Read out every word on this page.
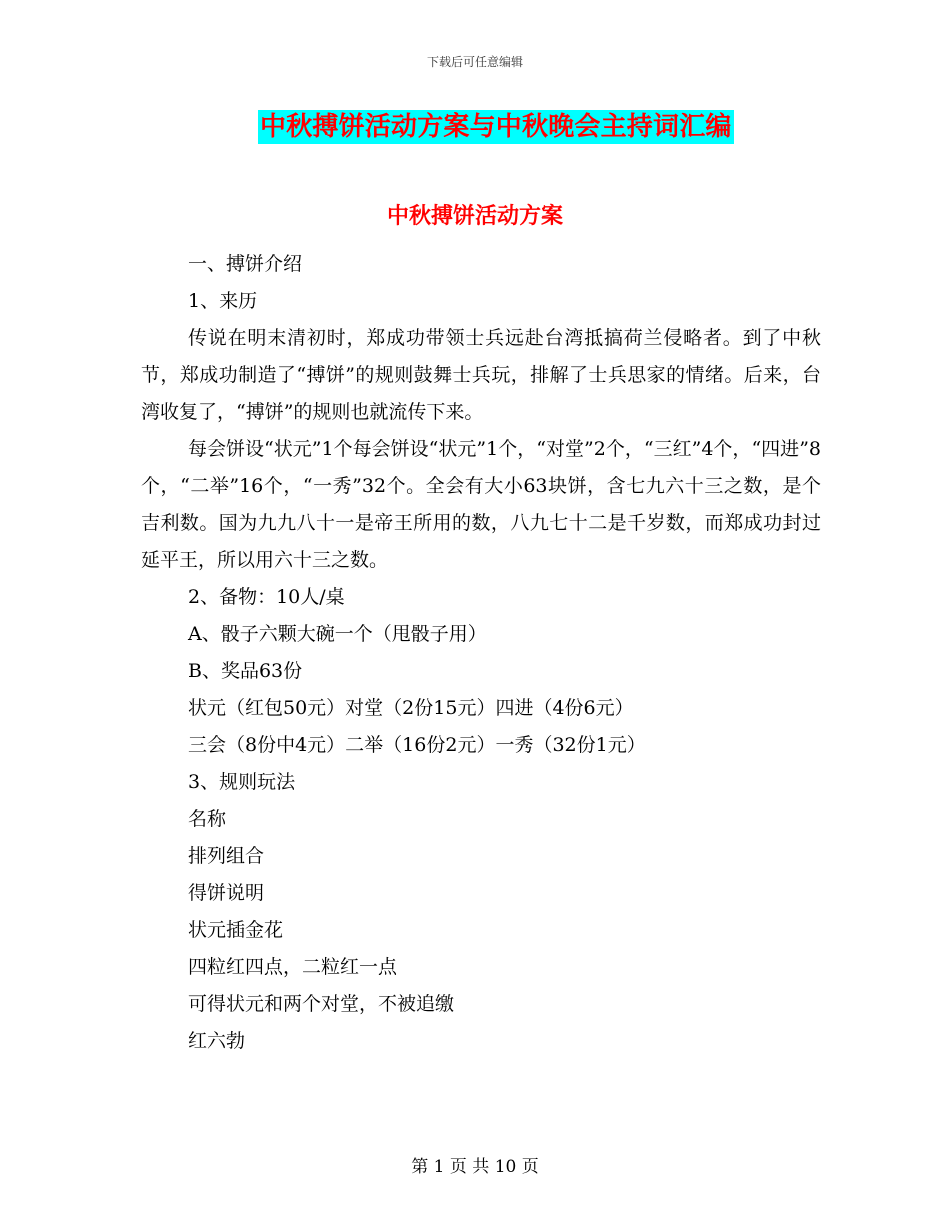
下载后可任意编辑
中秋搏饼活动方案与中秋晚会主持词汇编
中秋搏饼活动方案

一、搏饼介绍

1、来历

传说在明末清初时，郑成功带领士兵远赴台湾抵搞荷兰侵略者。到了中秋节，郑成功制造了“搏饼”的规则鼓舞士兵玩，排解了士兵思家的情绪。后来，台湾收复了，“搏饼”的规则也就流传下来。

每会饼设“状元”1个每会饼设“状元”1个，“对堂”2个，“三红”4个，“四进”8个，“二举”16个，“一秀”32个。全会有大小63块饼，含七九六十三之数，是个吉利数。国为九九八十一是帝王所用的数，八九七十二是千岁数，而郑成功封过延平王，所以用六十三之数。

2、备物：10人/桌

A、骰子六颗大碗一个（甩骰子用）

B、奖品63份

状元（红包50元）对堂（2份15元）四进（4份6元）

三会（8份中4元）二举（16份2元）一秀（32份1元）

3、规则玩法

名称

排列组合

得饼说明

状元插金花

四粒红四点，二粒红一点

可得状元和两个对堂，不被追缴

红六勃

第 1 页 共 10 页
